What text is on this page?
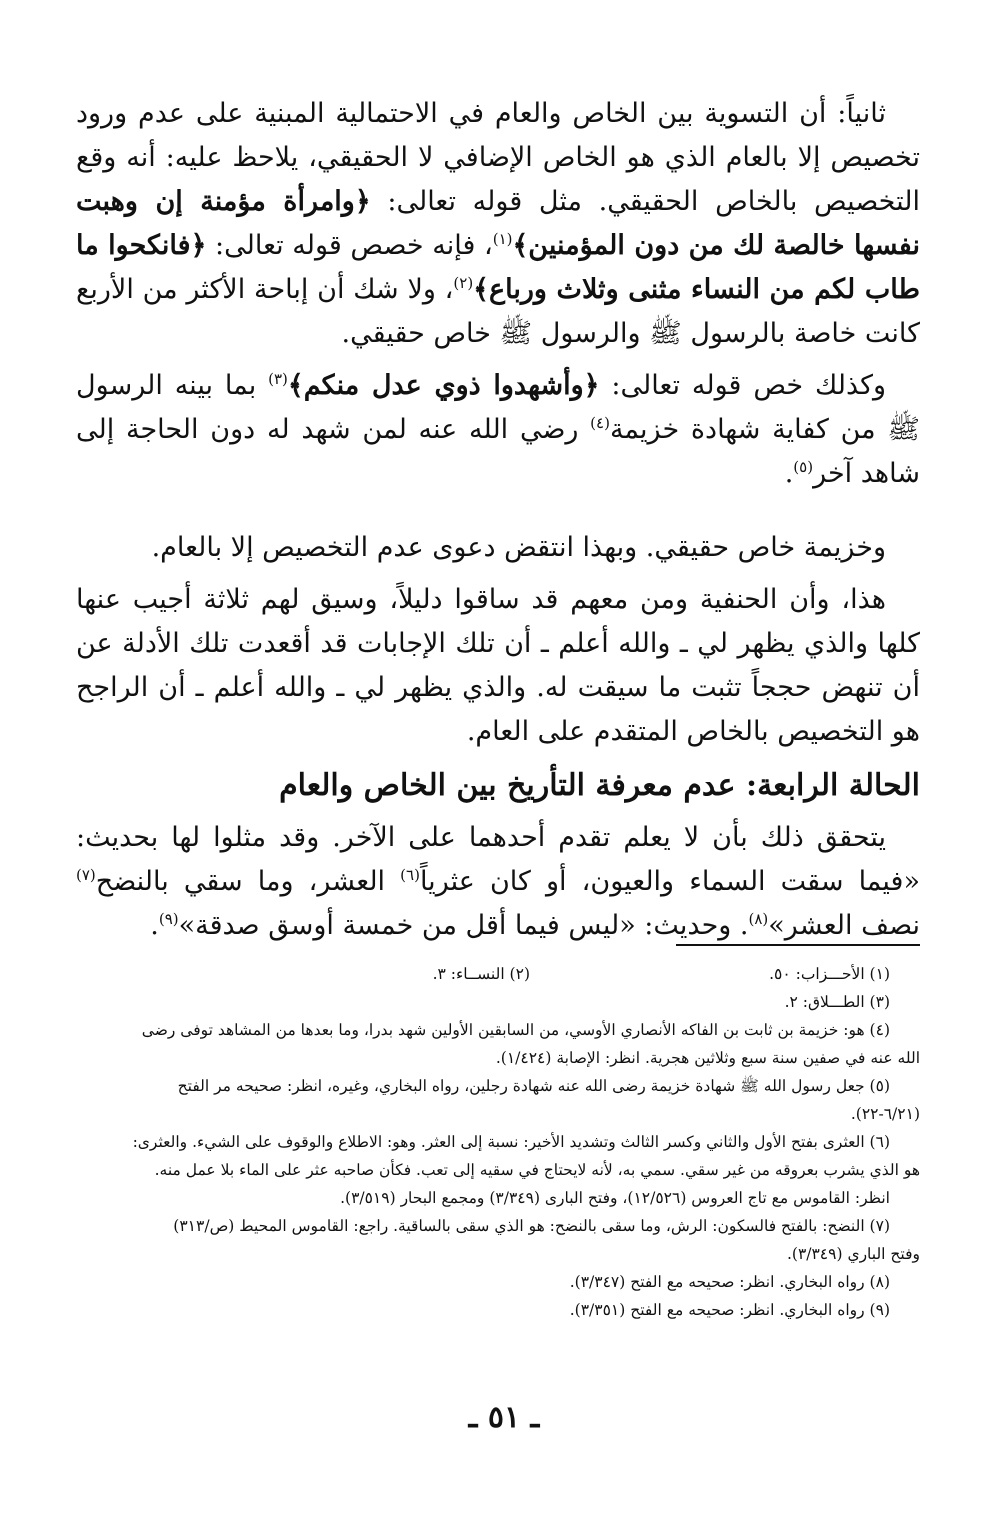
ثانياً: أن التسوية بين الخاص والعام في الاحتمالية المبنية على عدم ورود تخصيص إلا بالعام الذي هو الخاص الإضافي لا الحقيقي، يلاحظ عليه: أنه وقع التخصيص بالخاص الحقيقي. مثل قوله تعالى: ﴿وامرأة مؤمنة إن وهبت نفسها خالصة لك من دون المؤمنين﴾$^{(١)}$، فإنه خصص قوله تعالى: ﴿فانكحوا ما طاب لكم من النساء مثنى وثلاث ورباع﴾$^{(٢)}$، ولا شك أن إباحة الأكثر من الأربع كانت خاصة بالرسول ﷺ والرسول ﷺ خاص حقيقي.

وكذلك خص قوله تعالى: ﴿وأشهدوا ذوي عدل منكم﴾$^{(٣)}$ بما بينه الرسول ﷺ من كفاية شهادة خزيمة$^{(٤)}$ رضي الله عنه لمن شهد له دون الحاجة إلى شاهد آخر$^{(٥)}$.

وخزيمة خاص حقيقي. وبهذا انتقض دعوى عدم التخصيص إلا بالعام.

هذا، وأن الحنفية ومن معهم قد ساقوا دليلاً، وسيق لهم ثلاثة أجيب عنها كلها والذي يظهر لي ـ والله أعلم ـ أن تلك الإجابات قد أقعدت تلك الأدلة عن أن تنهض حججاً تثبت ما سيقت له. والذي يظهر لي ـ والله أعلم ـ أن الراجح هو التخصيص بالخاص المتقدم على العام.

الحالة الرابعة: عدم معرفة التأريخ بين الخاص والعام

يتحقق ذلك بأن لا يعلم تقدم أحدهما على الآخر. وقد مثلوا لها بحديث: «فيما سقت السماء والعيون، أو كان عثرياً$^{(٦)}$ العشر، وما سقي بالنضح$^{(٧)}$ نصف العشر»$^{(٨)}$. وحديث: «ليس فيما أقل من خمسة أوسق صدقة»$^{(٩)}$.

(١) الأحـــزاب: ٥٠.

(٢) النســاء: ٣.

(٣) الطـــلاق: ٢.

(٤) هو: خزيمة بن ثابت بن الفاكه الأنصاري الأوسي، من السابقين الأولين شهد بدرا، وما بعدها من المشاهد توفى رضى

الله عنه في صفين سنة سبع وثلاثين هجرية. انظر: الإصابة (١/٤٢٤).

(٥) جعل رسول الله ﷺ شهادة خزيمة رضى الله عنه شهادة رجلين، رواه البخاري، وغيره، انظر: صحيحه مر الفتح

(٦/٢١-٢٢).

(٦) العثرى بفتح الأول والثاني وكسر الثالث وتشديد الأخير: نسبة إلى العثر. وهو: الاطلاع والوقوف على الشيء. والعثرى:

هو الذي يشرب بعروقه من غير سقي. سمي به، لأنه لايحتاج في سقيه إلى تعب. فكأن صاحبه عثر على الماء بلا عمل منه.

انظر: القاموس مع تاج العروس (١٢/٥٢٦)، وفتح البارى (٣/٣٤٩) ومجمع البحار (٣/٥١٩).

(٧) النضح: بالفتح فالسكون: الرش، وما سقى بالنضح: هو الذي سقى بالساقية. راجع: القاموس المحيط (ص/٣١٣)

وفتح الباري (٣/٣٤٩).

(٨) رواه البخاري. انظر: صحيحه مع الفتح (٣/٣٤٧).

(٩) رواه البخاري. انظر: صحيحه مع الفتح (٣/٣٥١).

ـ ٥١ ـ
